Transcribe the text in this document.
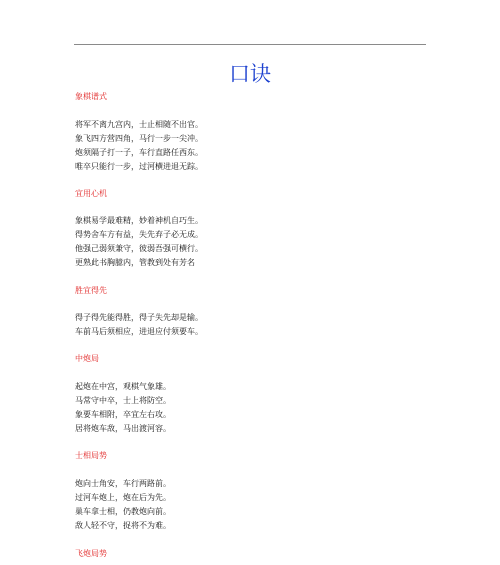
口诀
象棋谱式
将军不离九宫内，士止相随不出官。
象飞四方营四角，马行一步一尖冲。
炮须隔子打一子，车行直路任西东。
唯卒只能行一步，过河横进退无踪。
宜用心机
象棋易学最难精，妙着神机自巧生。
得势舍车方有益，失先弃子必无成。
他强己弱须兼守，彼弱吾强可横行。
更熟此书胸臆内，管教到处有芳名
胜宜得先
得子得先能得胜，得子失先却是输。
车前马后须相应，进退应付须要车。
中炮局
起炮在中宫，观棋气象雄。
马常守中卒，士上将防空。
象要车相附，卒宜左右攻。
居将炮车敌，马出渡河容。
士相局势
炮向士角安，车行两路前。
过河车炮上，炮在后为先。
巢车拿士相，仍教炮向前。
敌人轻不守，捉将不为难。
飞炮局势
